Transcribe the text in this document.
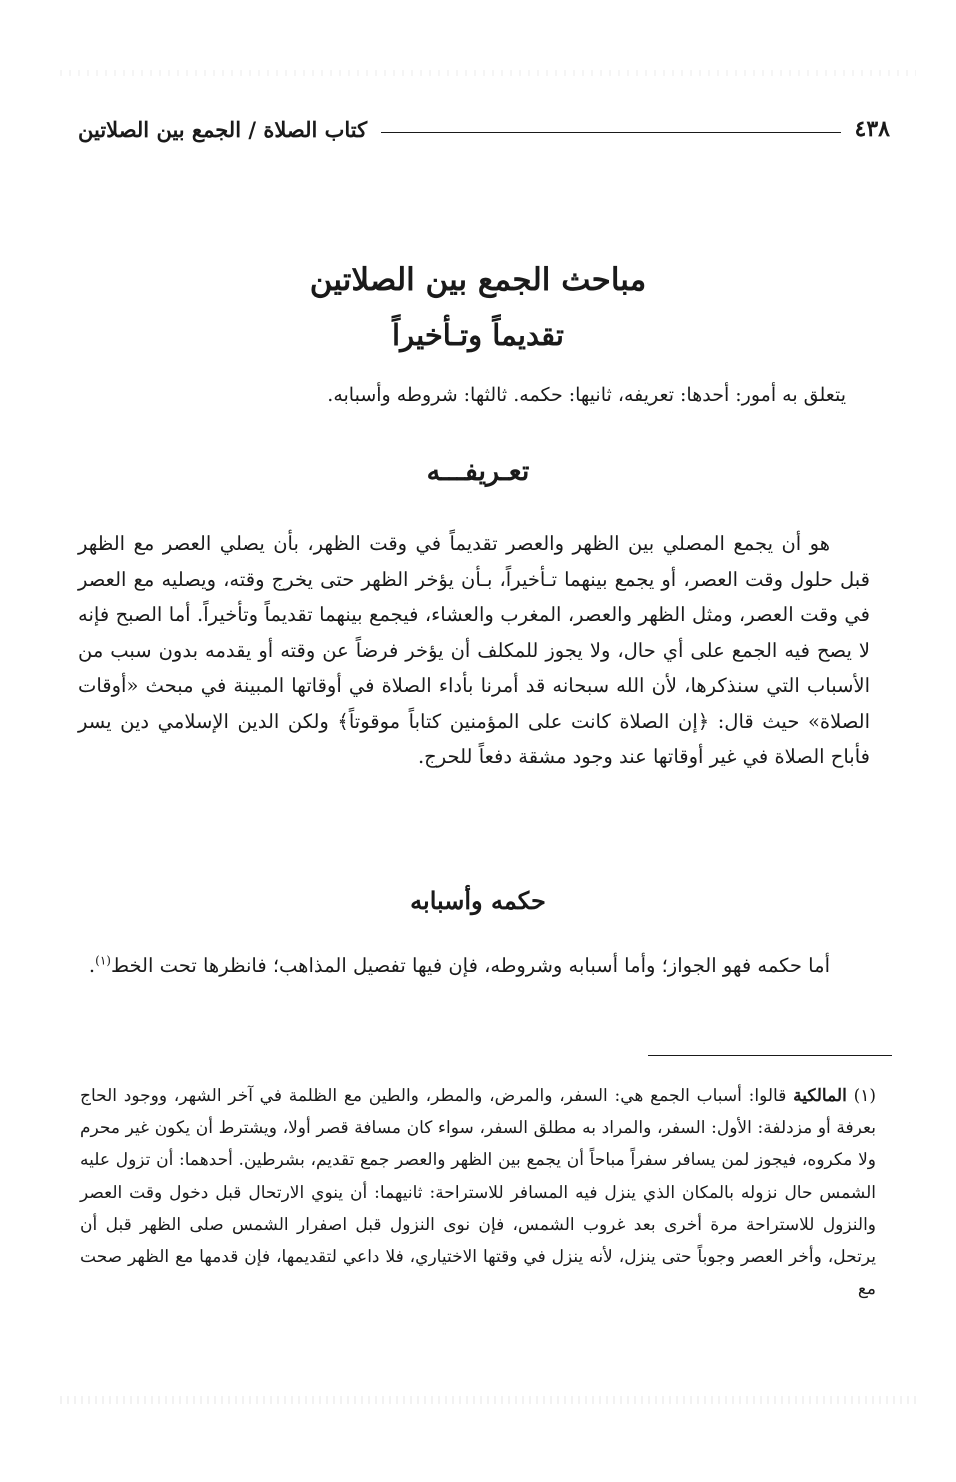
٤٣٨
كتاب الصلاة / الجمع بين الصلاتين
مباحث الجمع بين الصلاتين
تقديماً وتـأخيراً
يتعلق به أمور: أحدها: تعريفه، ثانيها: حكمه. ثالثها: شروطه وأسبابه.
تعـريفـــه
هو أن يجمع المصلي بين الظهر والعصر تقديماً في وقت الظهر، بأن يصلي العصر مع الظهر قبل حلول وقت العصر، أو يجمع بينهما تـأخيراً، بـأن يؤخر الظهر حتى يخرج وقته، ويصليه مع العصر في وقت العصر، ومثل الظهر والعصر، المغرب والعشاء، فيجمع بينهما تقديماً وتأخيراً. أما الصبح فإنه لا يصح فيه الجمع على أي حال، ولا يجوز للمكلف أن يؤخر فرضاً عن وقته أو يقدمه بدون سبب من الأسباب التي سنذكرها، لأن الله سبحانه قد أمرنا بأداء الصلاة في أوقاتها المبينة في مبحث «أوقات الصلاة» حيث قال: ﴿إن الصلاة كانت على المؤمنين كتاباً موقوتاً﴾ ولكن الدين الإسلامي دين يسر فأباح الصلاة في غير أوقاتها عند وجود مشقة دفعاً للحرج.
حكمه وأسبابه
أما حكمه فهو الجواز؛ وأما أسبابه وشروطه، فإن فيها تفصيل المذاهب؛ فانظرها تحت الخط$^{(١)}$.
(١) المالكية قالوا: أسباب الجمع هي: السفر، والمرض، والمطر، والطين مع الظلمة في آخر الشهر، ووجود الحاج بعرفة أو مزدلفة: الأول: السفر، والمراد به مطلق السفر، سواء كان مسافة قصر أولا، ويشترط أن يكون غير محرم ولا مكروه، فيجوز لمن يسافر سفراً مباحاً أن يجمع بين الظهر والعصر جمع تقديم، بشرطين. أحدهما: أن تزول عليه الشمس حال نزوله بالمكان الذي ينزل فيه المسافر للاستراحة: ثانيهما: أن ينوي الارتحال قبل دخول وقت العصر والنزول للاستراحة مرة أخرى بعد غروب الشمس، فإن نوى النزول قبل اصفرار الشمس صلى الظهر قبل أن يرتحل، وأخر العصر وجوباً حتى ينزل، لأنه ينزل في وقتها الاختياري، فلا داعي لتقديمها، فإن قدمها مع الظهر صحت مع
